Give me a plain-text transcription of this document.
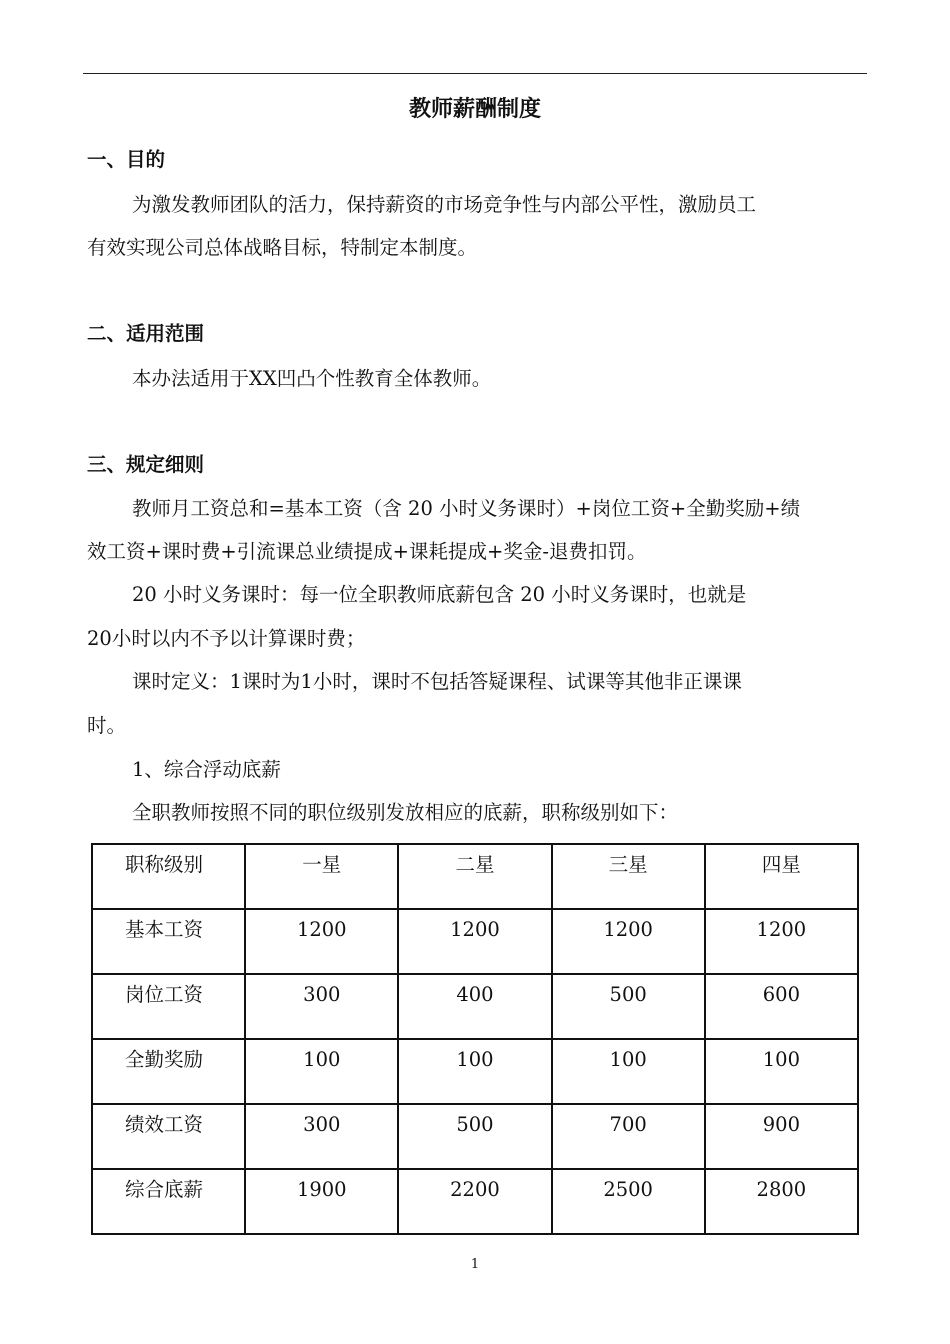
教师薪酬制度
一、目的
为激发教师团队的活力，保持薪资的市场竞争性与内部公平性，激励员工
有效实现公司总体战略目标，特制定本制度。
二、适用范围
本办法适用于XX凹凸个性教育全体教师。
三、规定细则
教师月工资总和=基本工资（含 20 小时义务课时）+岗位工资+全勤奖励+绩
效工资+课时费+引流课总业绩提成+课耗提成+奖金-退费扣罚。
20 小时义务课时：每一位全职教师底薪包含 20 小时义务课时，也就是
20小时以内不予以计算课时费；
课时定义：1课时为1小时，课时不包括答疑课程、试课等其他非正课课
时。
1、综合浮动底薪
全职教师按照不同的职位级别发放相应的底薪，职称级别如下：
职称级别	一星	二星	三星	四星
基本工资	1200	1200	1200	1200
岗位工资	300	400	500	600
全勤奖励	100	100	100	100
绩效工资	300	500	700	900
综合底薪	1900	2200	2500	2800
1
